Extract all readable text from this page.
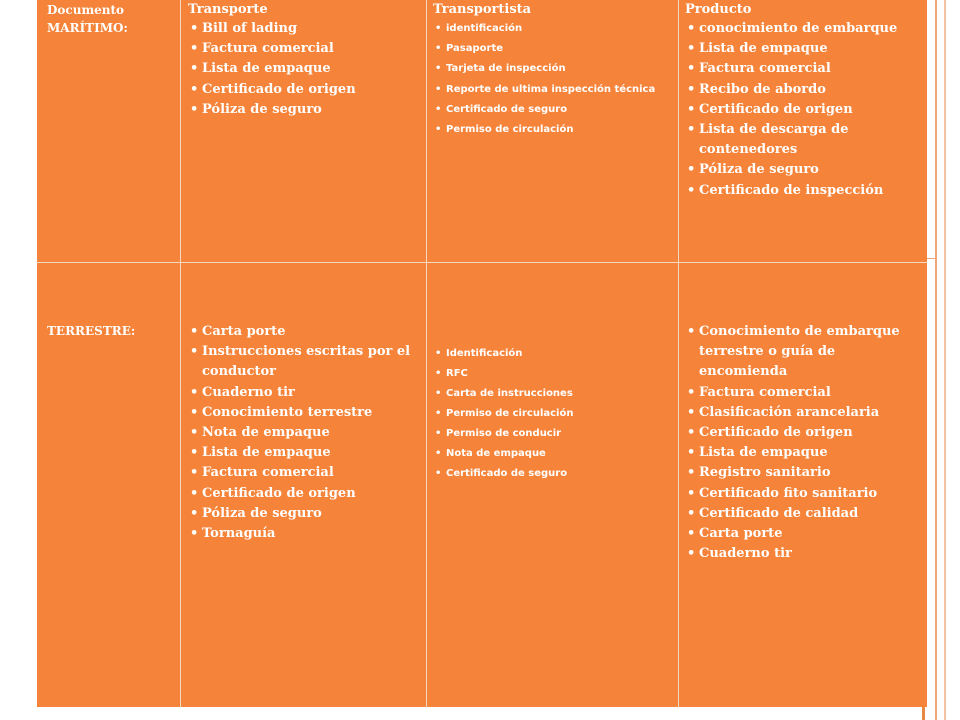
Documento
MARÍTIMO:
Transporte
• Bill of lading
• Factura comercial
• Lista de empaque
• Certificado de origen
• Póliza de seguro
Transportista
• identificación
• Pasaporte
• Tarjeta de inspección
• Reporte de ultima inspección técnica
• Certificado de seguro
• Permiso de circulación
Producto
• conocimiento de embarque
• Lista de empaque
• Factura comercial
• Recibo de abordo
• Certificado de origen
• Lista de descarga de contenedores
• Póliza de seguro
• Certificado de inspección
TERRESTRE:
•	Carta porte
• Instrucciones escritas por el conductor
• Cuaderno tir
• Conocimiento terrestre
• Nota de empaque
• Lista de empaque
• Factura comercial
• Certificado de origen
• Póliza de seguro
• Tornaguía
• Identificación
• RFC
• Carta de instrucciones
• Permiso de circulación
• Permiso de conducir
• Nota de empaque
• Certificado de seguro
• Conocimiento de embarque terrestre o guía de encomienda
• Factura comercial
• Clasificación arancelaria
• Certificado de origen
• Lista de empaque
• Registro sanitario
• Certificado fito sanitario
• Certificado de calidad
• Carta porte
• Cuaderno tir
